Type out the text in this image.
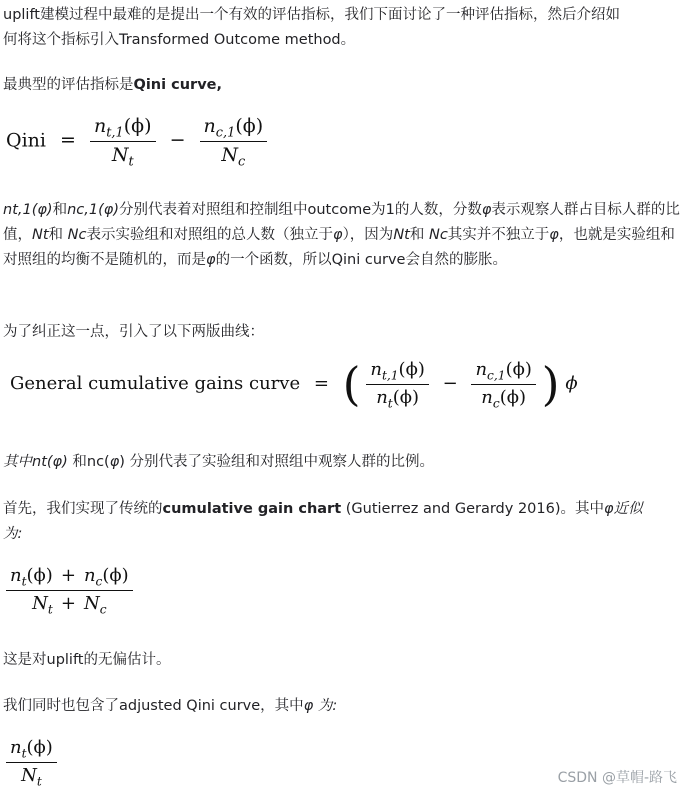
uplift建模过程中最难的是提出一个有效的评估指标，我们下面讨论了一种评估指标，然后介绍如
何将这个指标引入Transformed Outcome method。

最典型的评估指标是Qini curve,

Qini = $\frac{n_{t,1}(\phi)}{N_t} - \frac{n_{c,1}(\phi)}{N_c}$

nt,1(φ)和nc,1(φ)分别代表着对照组和控制组中outcome为1的人数，分数φ表示观察人群占目标人群的比值，Nt和 Nc表示实验组和对照组的总人数（独立于φ），因为Nt和 Nc其实并不独立于φ，也就是实验组和对照组的均衡不是随机的，而是φ的一个函数，所以Qini curve会自然的膨胀。

为了纠正这一点，引入了以下两版曲线：

General cumulative gains curve = ( $\frac{n_{t,1}(\phi)}{n_t(\phi)} - \frac{n_{c,1}(\phi)}{n_c(\phi)}$ ) ϕ

其中nt(φ) 和nc(φ) 分别代表了实验组和对照组中观察人群的比例。

首先，我们实现了传统的cumulative gain chart (Gutierrez and Gerardy 2016)。其中φ近似
为:

$\frac{n_t(\phi) + n_c(\phi)}{N_t + N_c}$

这是对uplift的无偏估计。

我们同时也包含了adjusted Qini curve，其中φ 为:

$\frac{n_t(\phi)}{N_t}$	CSDN @草帽-路飞
